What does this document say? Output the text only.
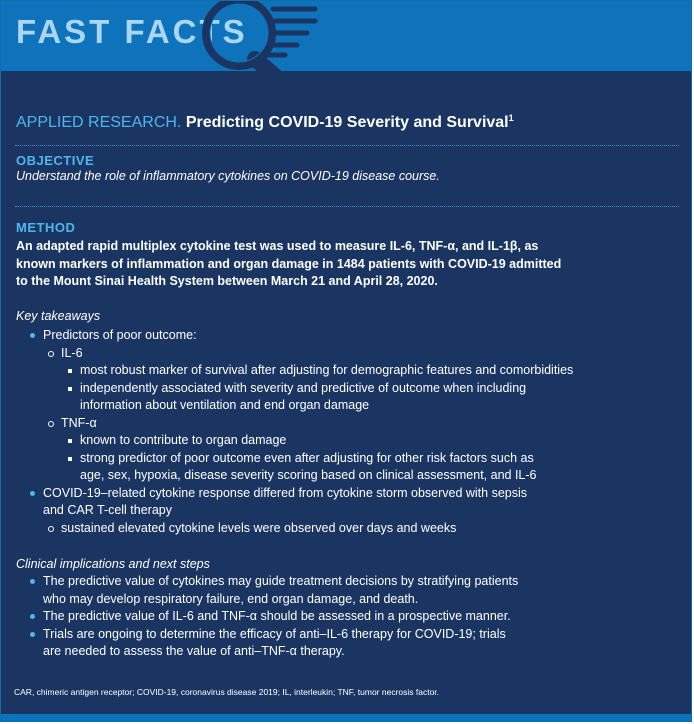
FAST FACTS
APPLIED RESEARCH. Predicting COVID-19 Severity and Survival$^1$
OBJECTIVE
Understand the role of inflammatory cytokines on COVID-19 disease course.
METHOD

An adapted rapid multiplex cytokine test was used to measure IL-6, TNF-α, and IL-1β, as known markers of inflammation and organ damage in 1484 patients with COVID-19 admitted to the Mount Sinai Health System between March 21 and April 28, 2020.

Key takeaways
Predictors of poor outcome:
IL-6
most robust marker of survival after adjusting for demographic features and comorbidities
independently associated with severity and predictive of outcome when including information about ventilation and end organ damage
TNF-α
known to contribute to organ damage
strong predictor of poor outcome even after adjusting for other risk factors such as age, sex, hypoxia, disease severity scoring based on clinical assessment, and IL-6
COVID-19–related cytokine response differed from cytokine storm observed with sepsis and CAR T-cell therapy
sustained elevated cytokine levels were observed over days and weeks
Clinical implications and next steps
The predictive value of cytokines may guide treatment decisions by stratifying patients who may develop respiratory failure, end organ damage, and death.
The predictive value of IL-6 and TNF-α should be assessed in a prospective manner.
Trials are ongoing to determine the efficacy of anti–IL-6 therapy for COVID-19; trials are needed to assess the value of anti–TNF-α therapy.
CAR, chimeric antigen receptor; COVID-19, coronavirus disease 2019; IL, interleukin; TNF, tumor necrosis factor.
